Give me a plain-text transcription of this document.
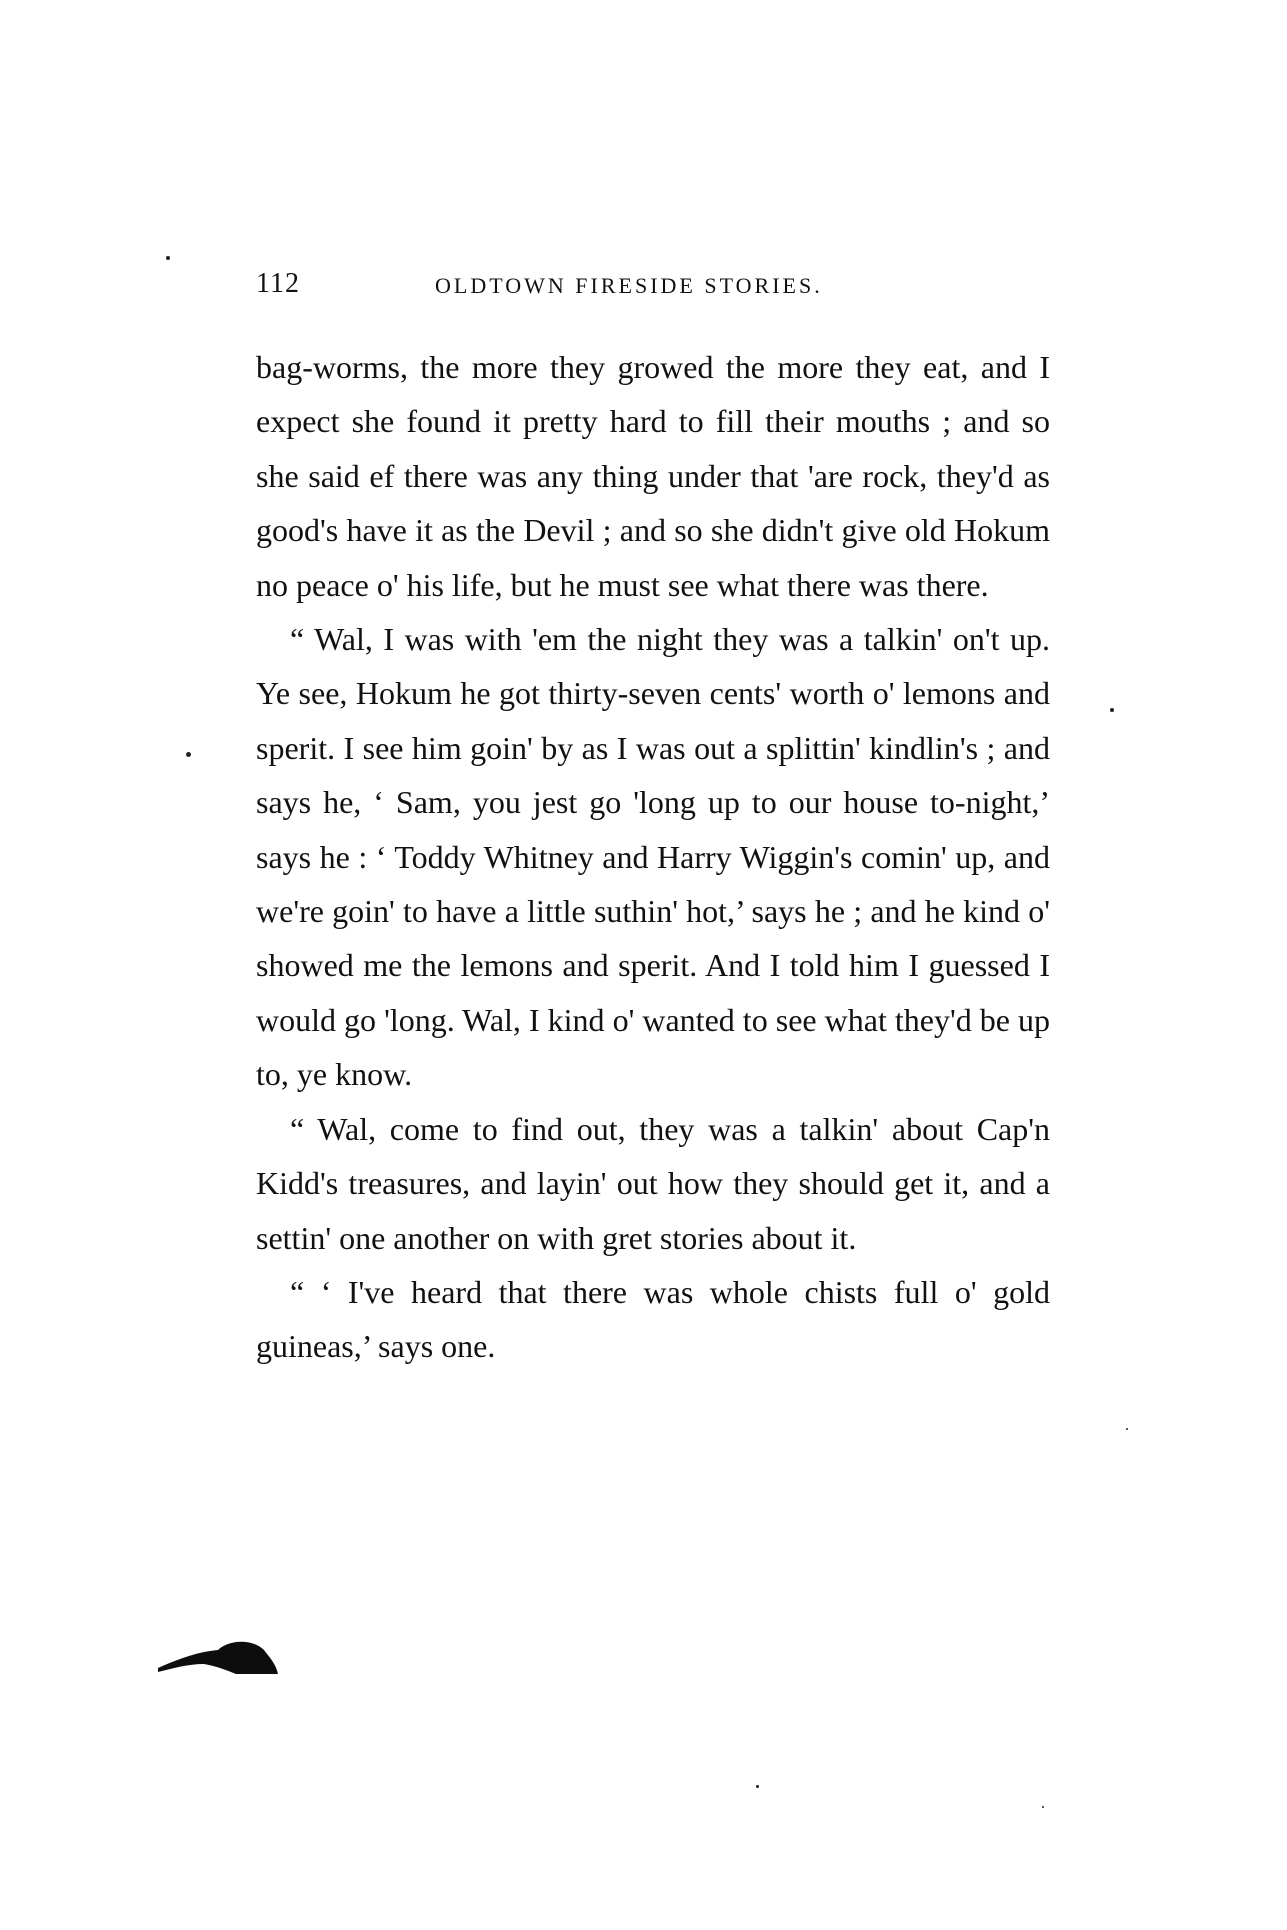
112	OLDTOWN FIRESIDE STORIES.

bag-worms, the more they growed the more they eat, and I expect she found it pretty hard to fill their mouths ; and so she said ef there was any thing under that 'are rock, they'd as good's have it as the Devil ; and so she didn't give old Hokum no peace o' his life, but he must see what there was there.

“ Wal, I was with 'em the night they was a talkin' on't up. Ye see, Hokum he got thirty-seven cents' worth o' lemons and sperit. I see him goin' by as I was out a splittin' kindlin's ; and says he, ‘ Sam, you jest go 'long up to our house to-night,’ says he : ‘ Toddy Whitney and Harry Wiggin's comin' up, and we're goin' to have a little suthin' hot,’ says he ; and he kind o' showed me the lemons and sperit. And I told him I guessed I would go 'long. Wal, I kind o' wanted to see what they'd be up to, ye know.

“ Wal, come to find out, they was a talkin' about Cap'n Kidd's treasures, and layin' out how they should get it, and a settin' one another on with gret stories about it.

“ ‘ I've heard that there was whole chists full o' gold guineas,’ says one.
